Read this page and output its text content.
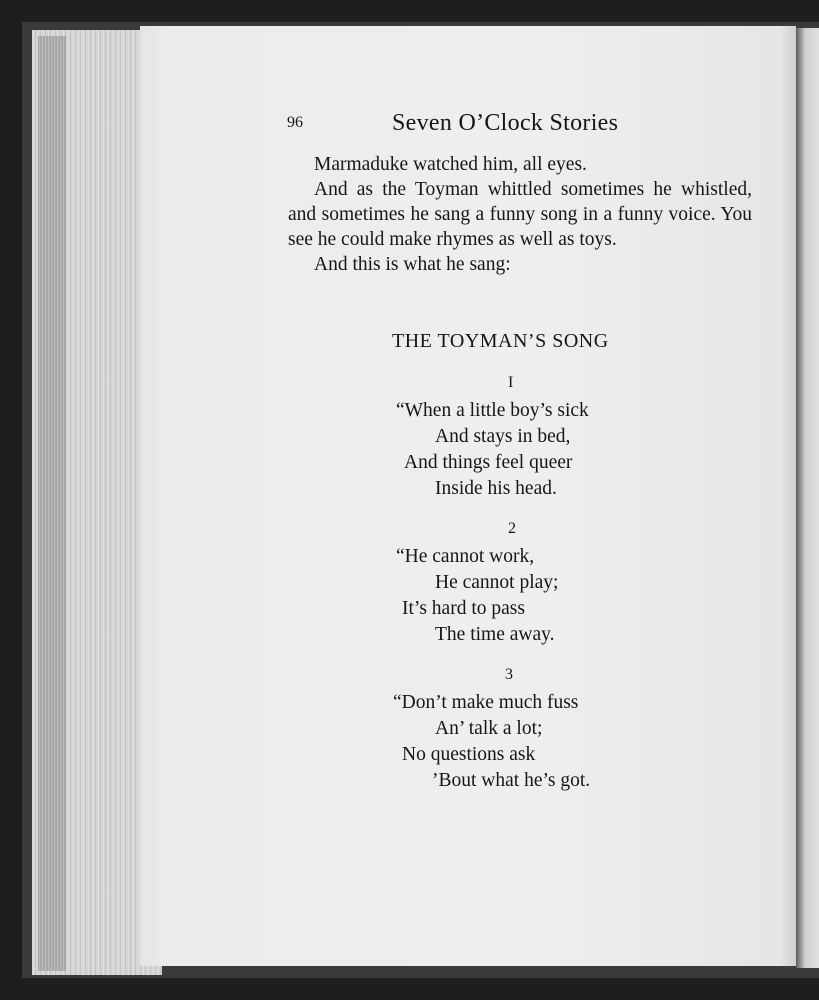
96	Seven O’Clock Stories

Marmaduke watched him, all eyes.

And as the Toyman whittled sometimes he whistled, and sometimes he sang a funny song in a funny voice. You see he could make rhymes as well as toys.

And this is what he sang:

THE TOYMAN’S SONG
I
“When a little boy’s sick
And stays in bed,
And things feel queer
Inside his head.
2
“He cannot work,
He cannot play;
It’s hard to pass
The time away.
3
“Don’t make much fuss
An’ talk a lot;
No questions ask
’Bout what he’s got.
